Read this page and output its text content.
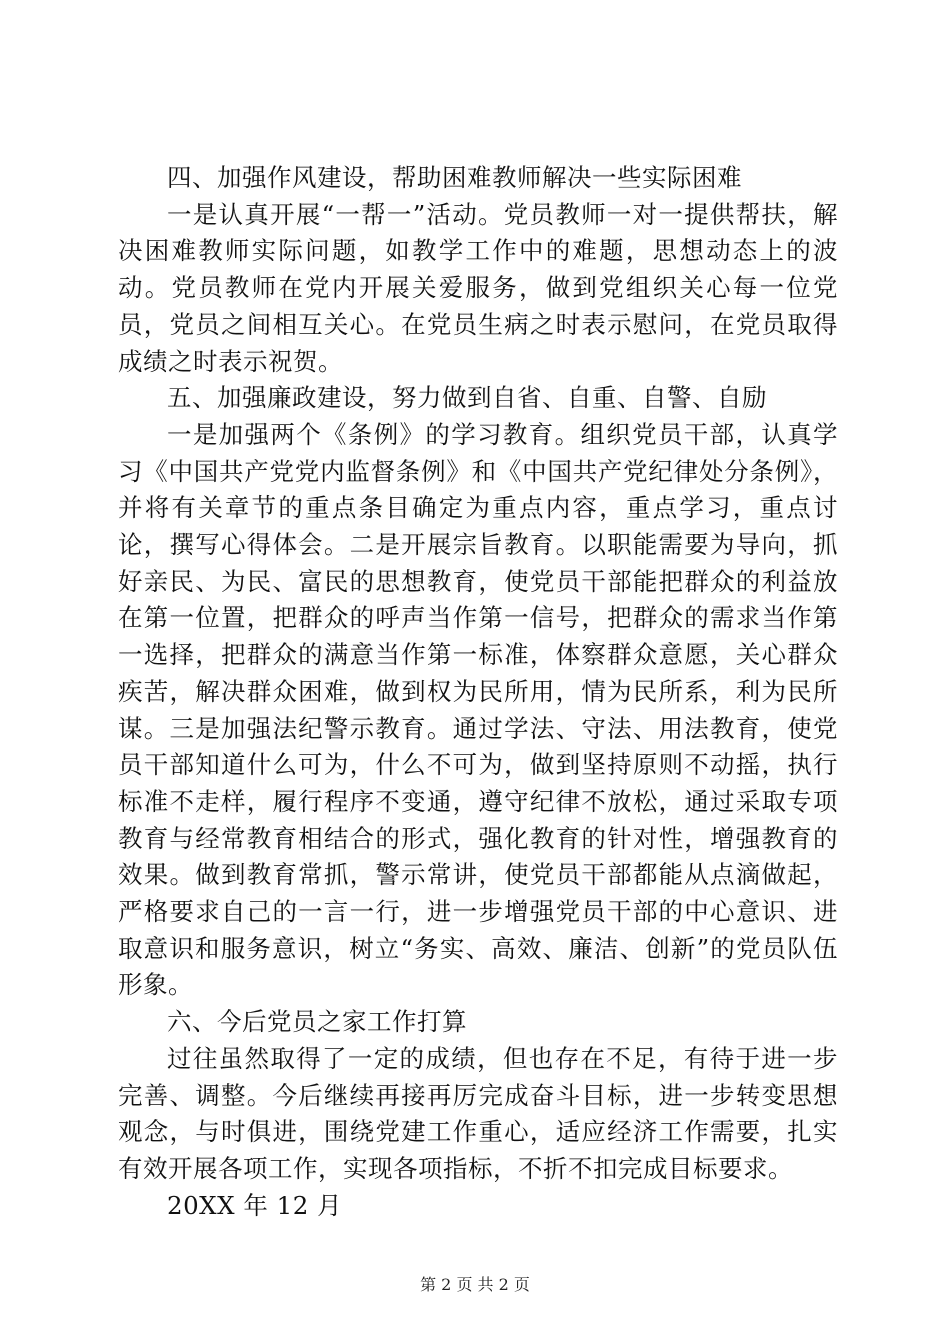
四、加强作风建设，帮助困难教师解决一些实际困难

一是认真开展“一帮一”活动。党员教师一对一提供帮扶，解决困难教师实际问题，如教学工作中的难题，思想动态上的波动。党员教师在党内开展关爱服务，做到党组织关心每一位党员，党员之间相互关心。在党员生病之时表示慰问，在党员取得成绩之时表示祝贺。

五、加强廉政建设，努力做到自省、自重、自警、自励

一是加强两个《条例》的学习教育。组织党员干部，认真学习《中国共产党党内监督条例》和《中国共产党纪律处分条例》，并将有关章节的重点条目确定为重点内容，重点学习，重点讨论，撰写心得体会。二是开展宗旨教育。以职能需要为导向，抓好亲民、为民、富民的思想教育，使党员干部能把群众的利益放在第一位置，把群众的呼声当作第一信号，把群众的需求当作第一选择，把群众的满意当作第一标准，体察群众意愿，关心群众疾苦，解决群众困难，做到权为民所用，情为民所系，利为民所谋。三是加强法纪警示教育。通过学法、守法、用法教育，使党员干部知道什么可为，什么不可为，做到坚持原则不动摇，执行标准不走样，履行程序不变通，遵守纪律不放松，通过采取专项教育与经常教育相结合的形式，强化教育的针对性，增强教育的效果。做到教育常抓，警示常讲，使党员干部都能从点滴做起，严格要求自己的一言一行，进一步增强党员干部的中心意识、进取意识和服务意识，树立“务实、高效、廉洁、创新”的党员队伍形象。

六、今后党员之家工作打算

过往虽然取得了一定的成绩，但也存在不足，有待于进一步完善、调整。今后继续再接再厉完成奋斗目标，进一步转变思想观念，与时俱进，围绕党建工作重心，适应经济工作需要，扎实有效开展各项工作，实现各项指标，不折不扣完成目标要求。

20XX 年 12 月

第 2 页 共 2 页
